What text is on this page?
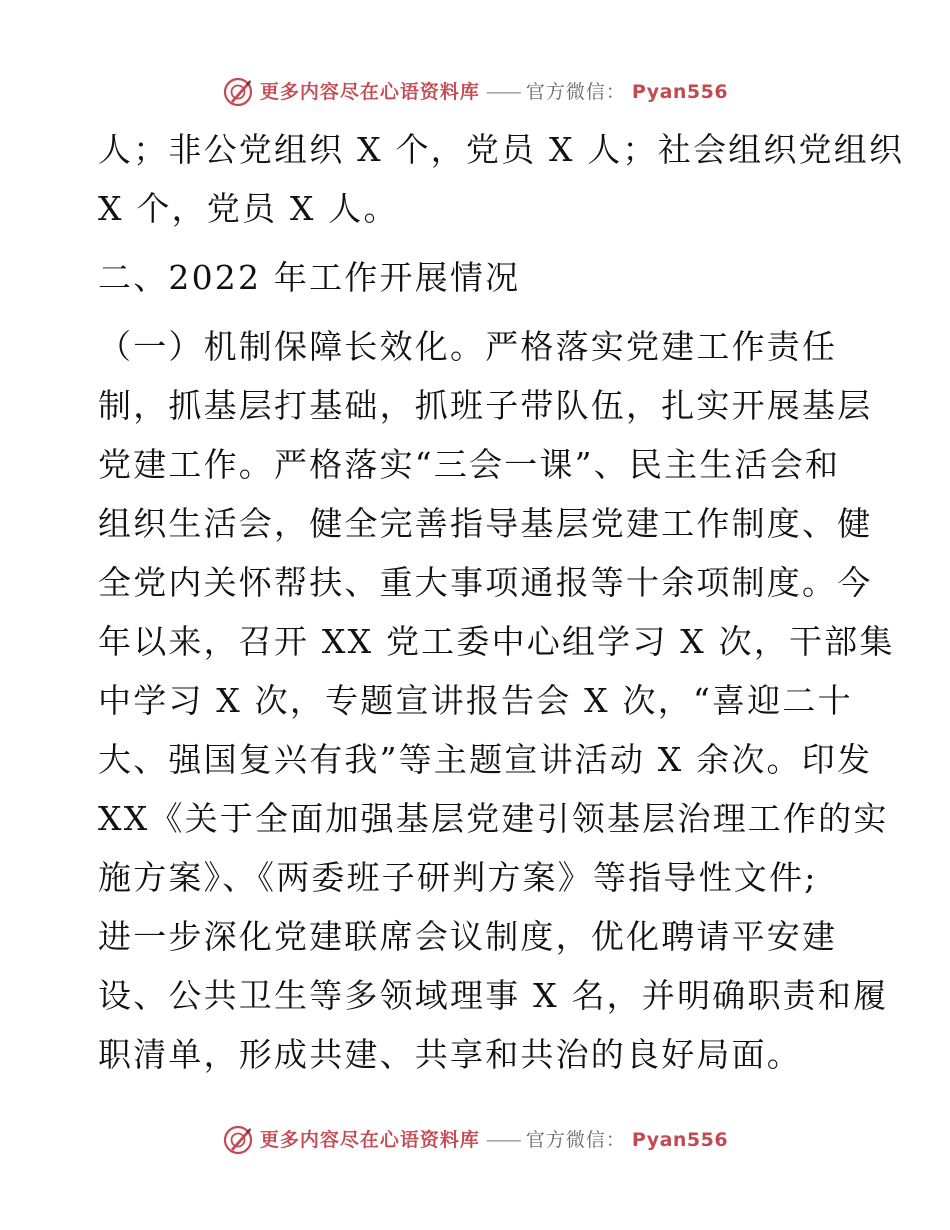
更多内容尽在心语资料库 —— 官方微信： Pyan556
人；非公党组织 X 个，党员 X 人；社会组织党组织
X 个，党员 X 人。
二、2022 年工作开展情况
（一）机制保障长效化。严格落实党建工作责任
制，抓基层打基础，抓班子带队伍，扎实开展基层
党建工作。严格落实“三会一课”、民主生活会和
组织生活会，健全完善指导基层党建工作制度、健
全党内关怀帮扶、重大事项通报等十余项制度。今
年以来，召开 XX 党工委中心组学习 X 次，干部集
中学习 X 次，专题宣讲报告会 X 次，“喜迎二十
大、强国复兴有我”等主题宣讲活动 X 余次。印发
XX《关于全面加强基层党建引领基层治理工作的实
施方案》、《两委班子研判方案》等指导性文件;
进一步深化党建联席会议制度，优化聘请平安建
设、公共卫生等多领域理事 X 名，并明确职责和履
职清单，形成共建、共享和共治的良好局面。
更多内容尽在心语资料库 —— 官方微信： Pyan556
